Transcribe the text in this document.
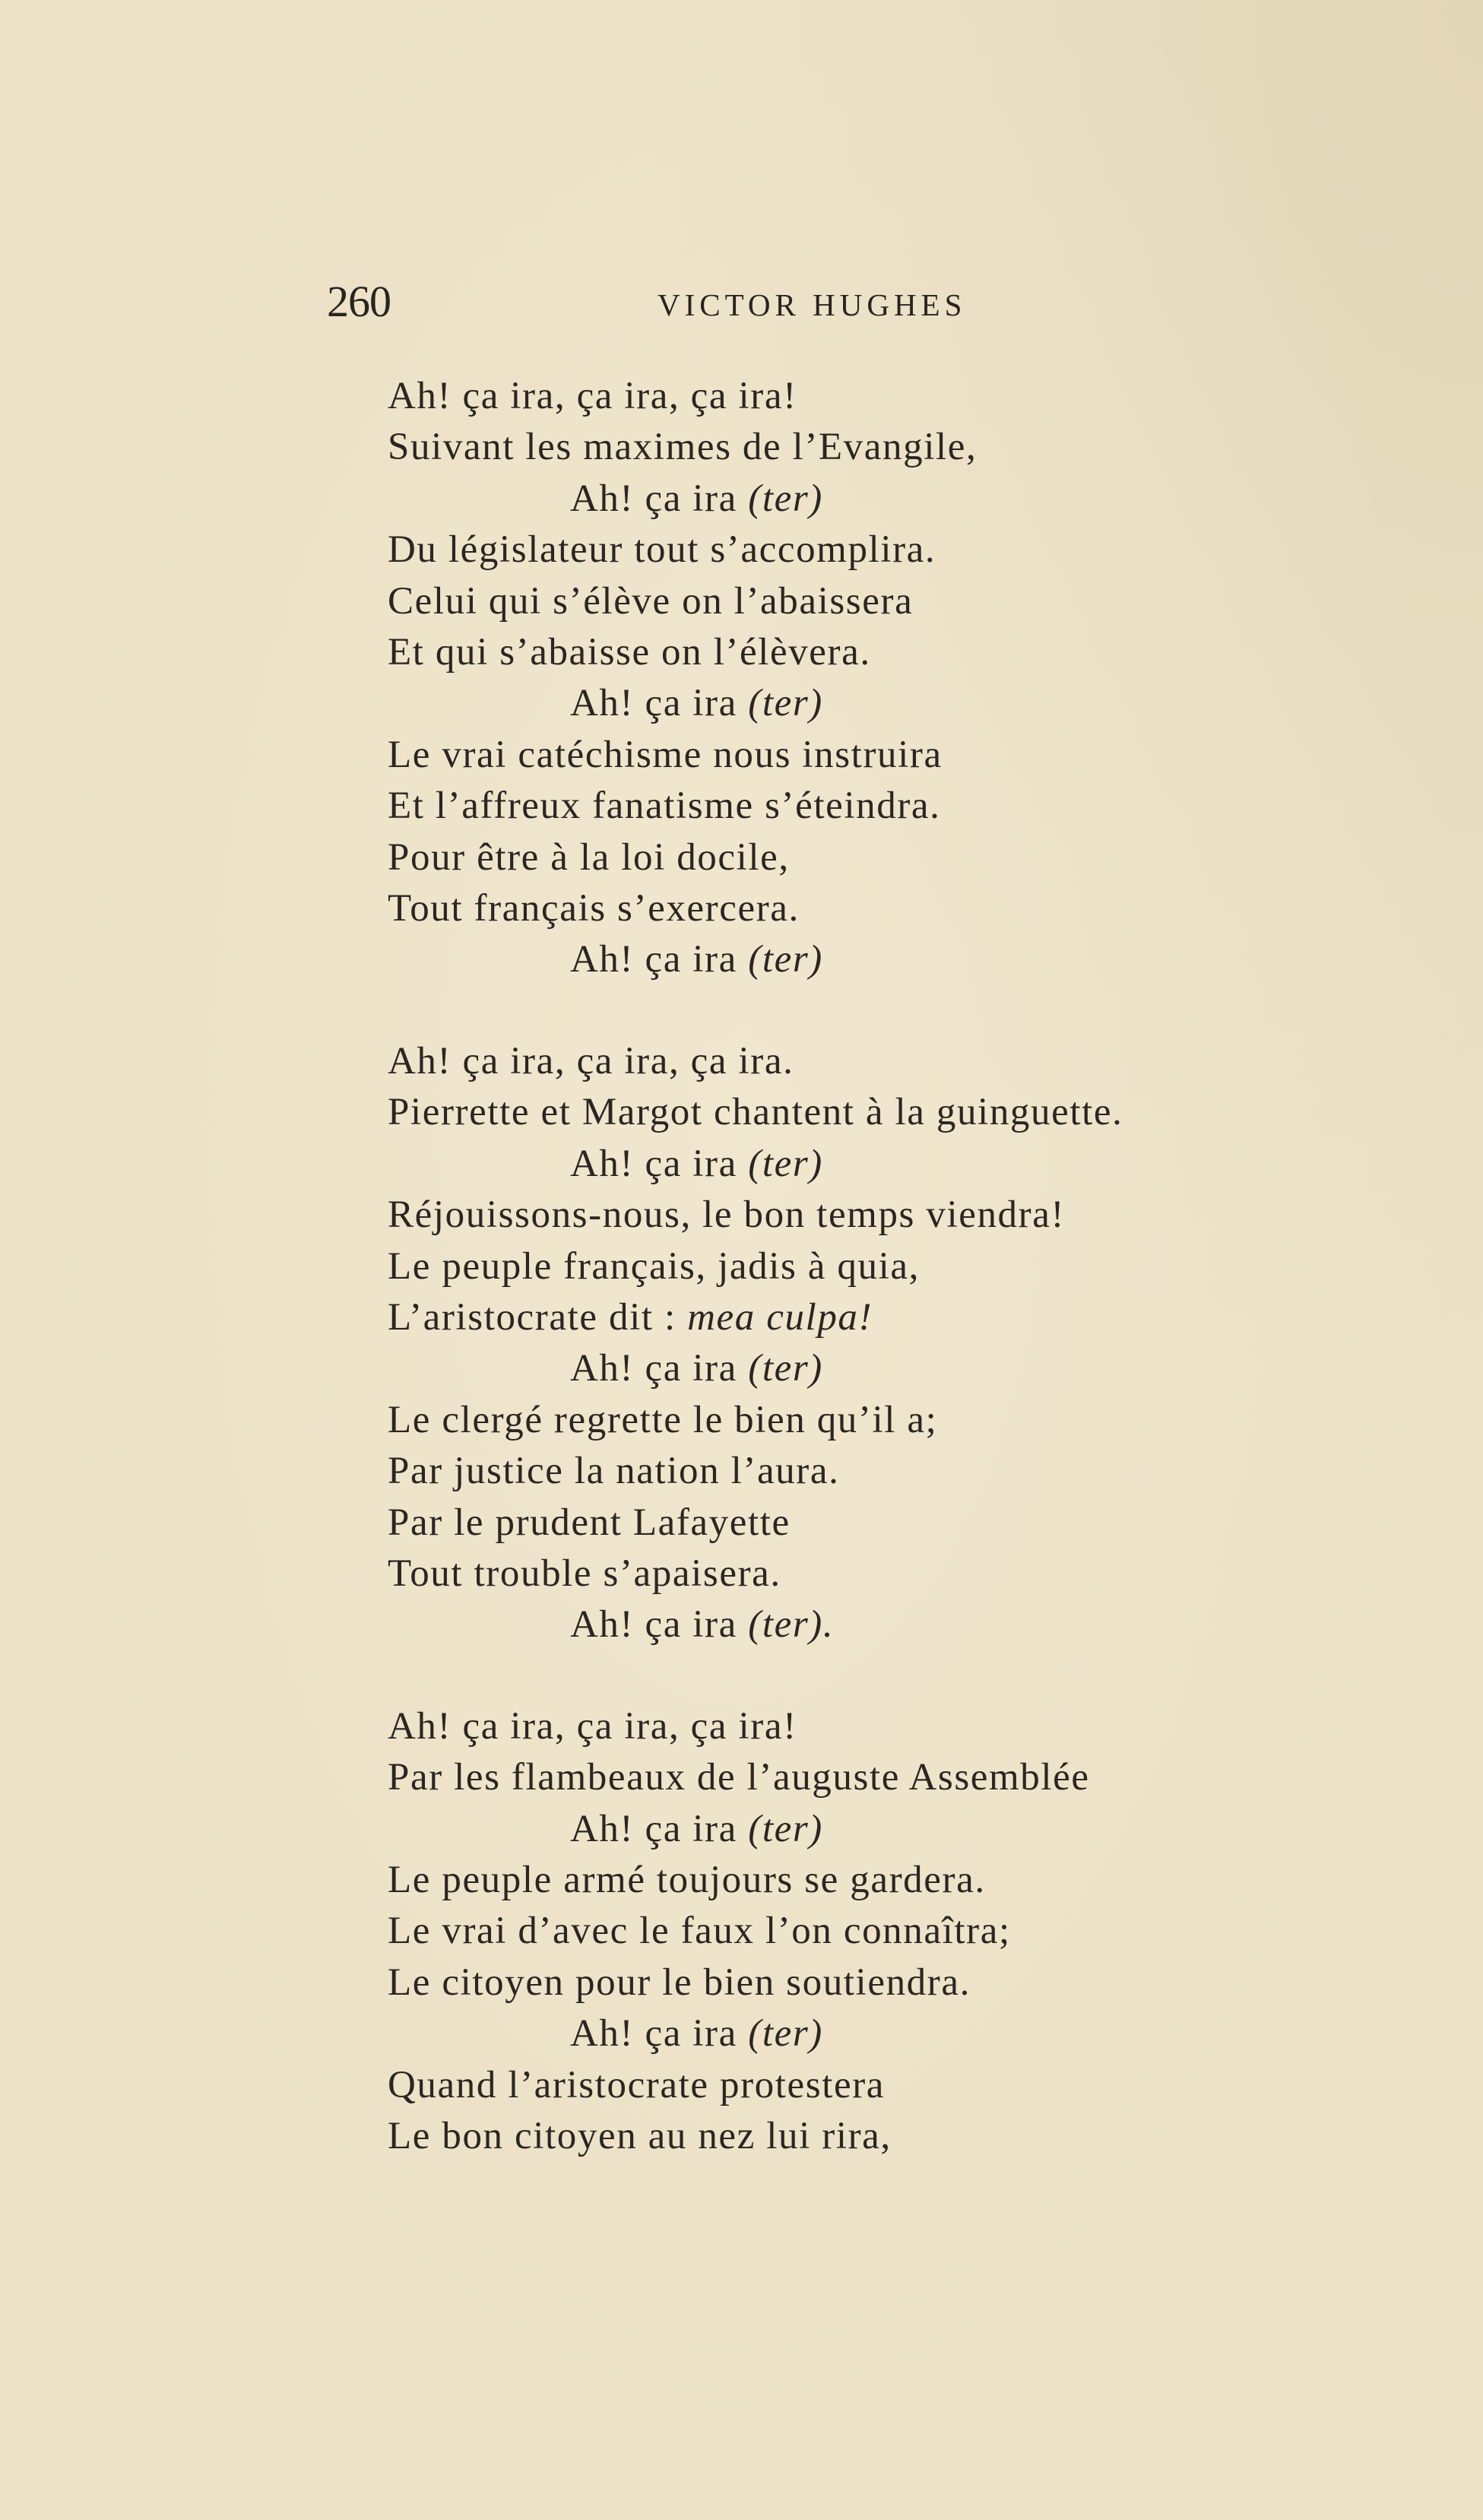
260	VICTOR HUGHES
Ah! ça ira, ça ira, ça ira!
Suivant les maximes de l’Evangile,
Ah! ça ira (ter)
Du législateur tout s’accomplira.
Celui qui s’élève on l’abaissera
Et qui s’abaisse on l’élèvera.
Ah! ça ira (ter)
Le vrai catéchisme nous instruira
Et l’affreux fanatisme s’éteindra.
Pour être à la loi docile,
Tout français s’exercera.
Ah! ça ira (ter)
Ah! ça ira, ça ira, ça ira.
Pierrette et Margot chantent à la guinguette.
Ah! ça ira (ter)
Réjouissons-nous, le bon temps viendra!
Le peuple français, jadis à quia,
L’aristocrate dit : mea culpa!
Ah! ça ira (ter)
Le clergé regrette le bien qu’il a;
Par justice la nation l’aura.
Par le prudent Lafayette
Tout trouble s’apaisera.
Ah! ça ira (ter).
Ah! ça ira, ça ira, ça ira!
Par les flambeaux de l’auguste Assemblée
Ah! ça ira (ter)
Le peuple armé toujours se gardera.
Le vrai d’avec le faux l’on connaîtra;
Le citoyen pour le bien soutiendra.
Ah! ça ira (ter)
Quand l’aristocrate protestera
Le bon citoyen au nez lui rira,
